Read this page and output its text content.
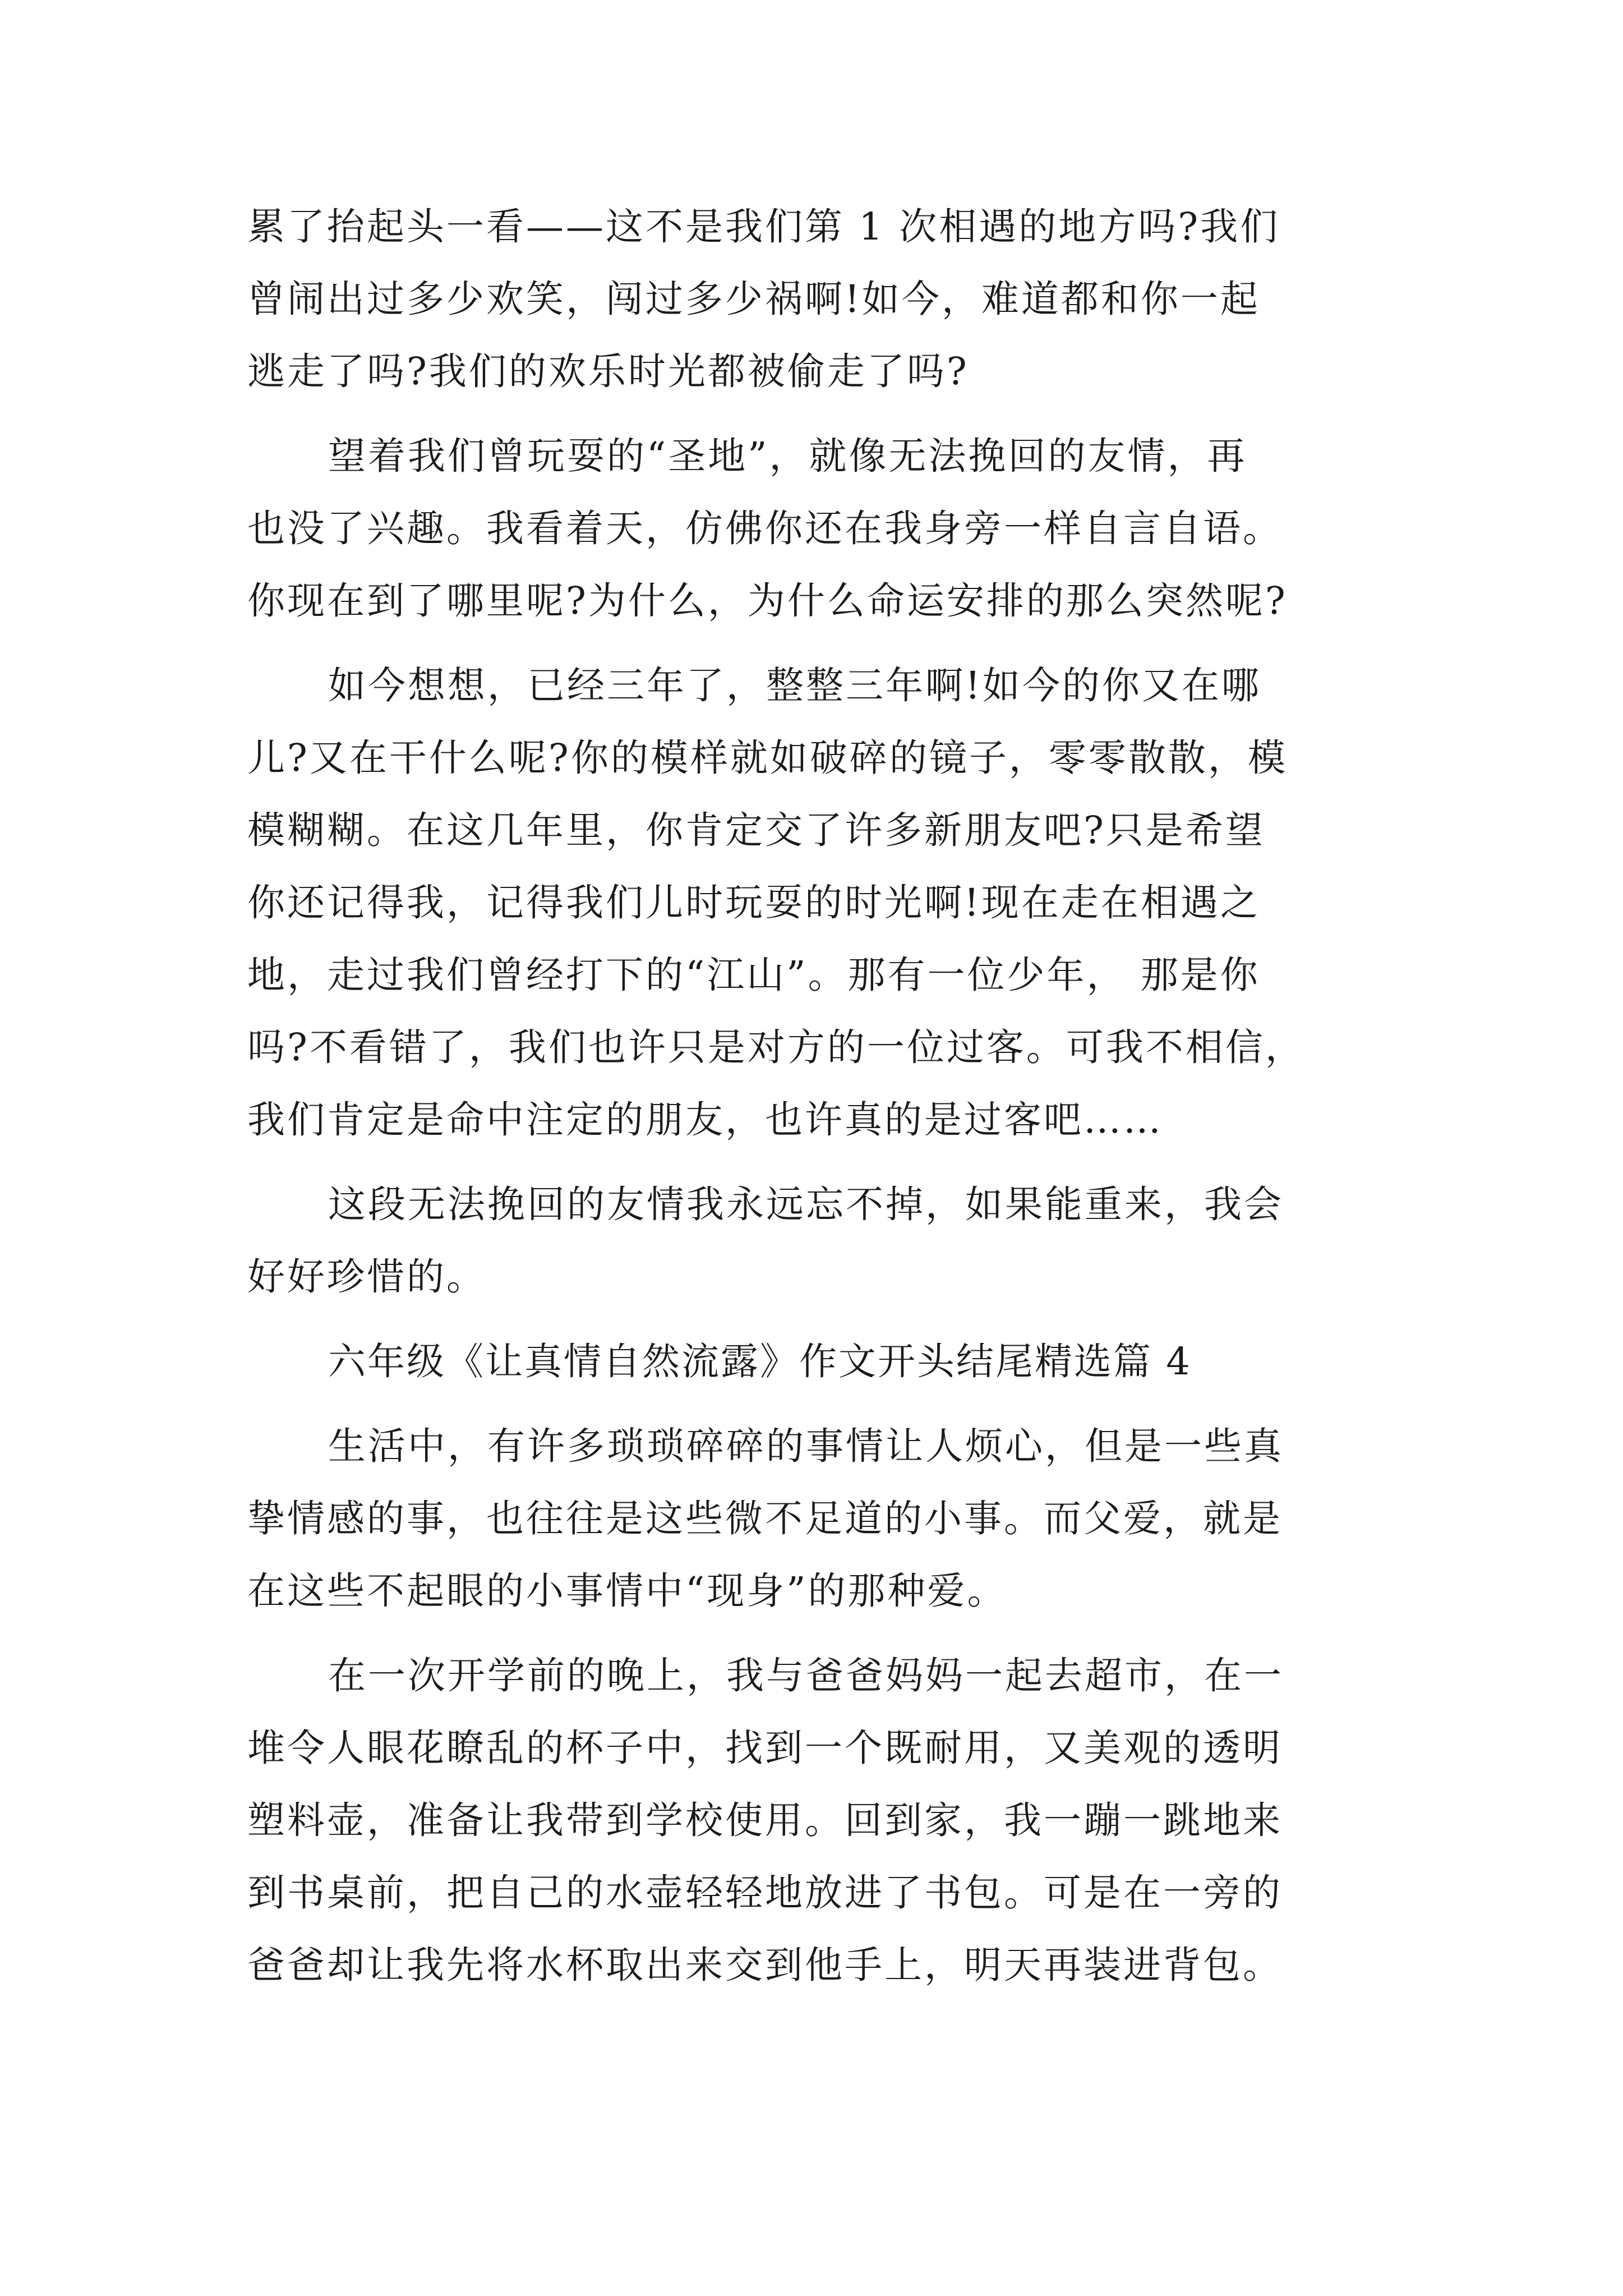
累了抬起头一看——这不是我们第 1 次相遇的地方吗?我们
曾闹出过多少欢笑，闯过多少祸啊!如今，难道都和你一起
逃走了吗?我们的欢乐时光都被偷走了吗?
望着我们曾玩耍的“圣地”，就像无法挽回的友情，再
也没了兴趣。我看着天，仿佛你还在我身旁一样自言自语。
你现在到了哪里呢?为什么，为什么命运安排的那么突然呢?
如今想想，已经三年了，整整三年啊!如今的你又在哪
儿?又在干什么呢?你的模样就如破碎的镜子，零零散散，模
模糊糊。在这几年里，你肯定交了许多新朋友吧?只是希望
你还记得我，记得我们儿时玩耍的时光啊!现在走在相遇之
地，走过我们曾经打下的“江山”。那有一位少年， 那是你
吗?不看错了，我们也许只是对方的一位过客。可我不相信，
我们肯定是命中注定的朋友，也许真的是过客吧……
这段无法挽回的友情我永远忘不掉，如果能重来，我会
好好珍惜的。
六年级《让真情自然流露》作文开头结尾精选篇 4
生活中，有许多琐琐碎碎的事情让人烦心，但是一些真
挚情感的事，也往往是这些微不足道的小事。而父爱，就是
在这些不起眼的小事情中“现身”的那种爱。
在一次开学前的晚上，我与爸爸妈妈一起去超市，在一
堆令人眼花瞭乱的杯子中，找到一个既耐用，又美观的透明
塑料壶，准备让我带到学校使用。回到家，我一蹦一跳地来
到书桌前，把自己的水壶轻轻地放进了书包。可是在一旁的
爸爸却让我先将水杯取出来交到他手上，明天再装进背包。
